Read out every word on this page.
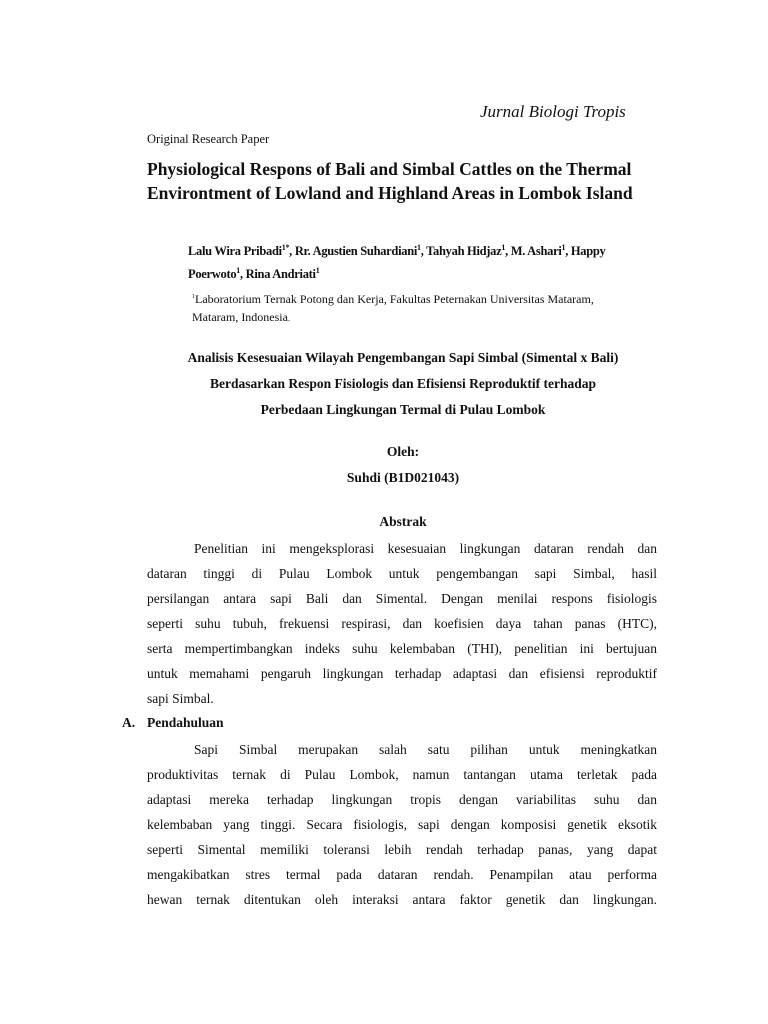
Jurnal Biologi Tropis
Original Research Paper
Physiological Respons of Bali and Simbal Cattles on the Thermal Environtment of Lowland and Highland Areas in Lombok Island
Lalu Wira Pribadi$^{1*}$, Rr. Agustien Suhardiani$^1$, Tahyah Hidjaz$^1$, M. Ashari$^1$, Happy Poerwoto$^1$, Rina Andriati$^1$
$^1$Laboratorium Ternak Potong dan Kerja, Fakultas Peternakan Universitas Mataram,
Mataram, Indonesia.
Analisis Kesesuaian Wilayah Pengembangan Sapi Simbal (Simental x Bali)
Berdasarkan Respon Fisiologis dan Efisiensi Reproduktif terhadap
Perbedaan Lingkungan Termal di Pulau Lombok
Oleh:
Suhdi (B1D021043)
Abstrak
Penelitian ini mengeksplorasi kesesuaian lingkungan dataran rendah dan
dataran tinggi di Pulau Lombok untuk pengembangan sapi Simbal, hasil
persilangan antara sapi Bali dan Simental. Dengan menilai respons fisiologis
seperti suhu tubuh, frekuensi respirasi, dan koefisien daya tahan panas (HTC),
serta mempertimbangkan indeks suhu kelembaban (THI), penelitian ini bertujuan
untuk memahami pengaruh lingkungan terhadap adaptasi dan efisiensi reproduktif
sapi Simbal.
A. Pendahuluan
Sapi Simbal merupakan salah satu pilihan untuk meningkatkan
produktivitas ternak di Pulau Lombok, namun tantangan utama terletak pada
adaptasi mereka terhadap lingkungan tropis dengan variabilitas suhu dan
kelembaban yang tinggi. Secara fisiologis, sapi dengan komposisi genetik eksotik
seperti Simental memiliki toleransi lebih rendah terhadap panas, yang dapat
mengakibatkan stres termal pada dataran rendah. Penampilan atau performa
hewan ternak ditentukan oleh interaksi antara faktor genetik dan lingkungan.
